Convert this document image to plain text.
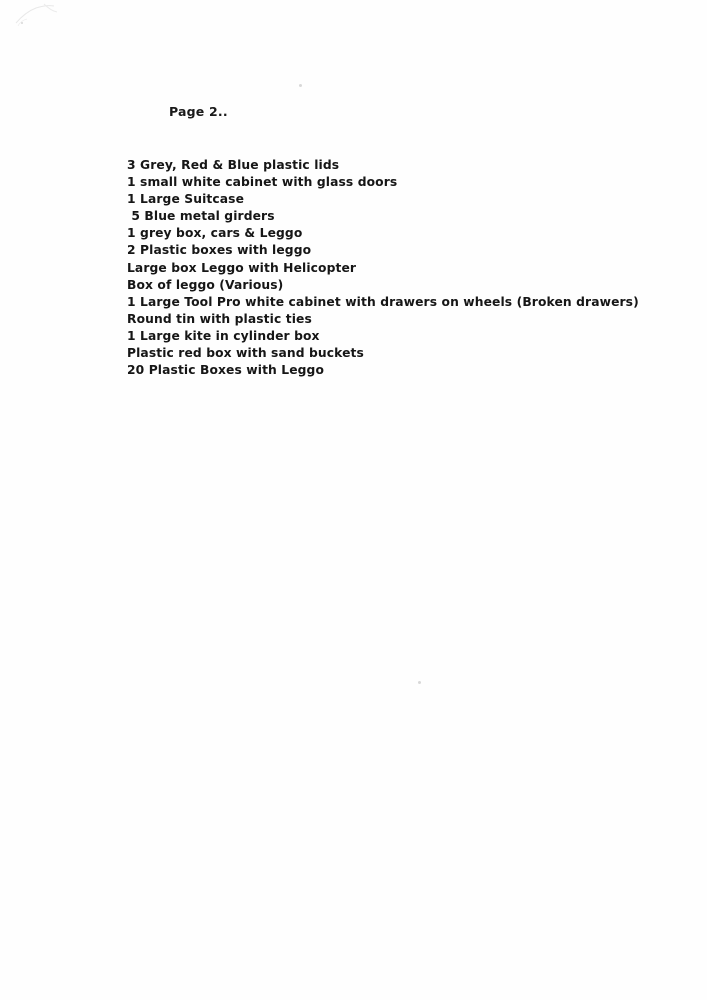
Page 2..
3 Grey, Red & Blue plastic lids
1 small white cabinet with glass doors
1 Large Suitcase
5 Blue metal girders
1 grey box, cars & Leggo
2 Plastic boxes with leggo
Large box Leggo with Helicopter
Box of leggo (Various)
1 Large Tool Pro white cabinet with drawers on wheels (Broken drawers)
Round tin with plastic ties
1 Large kite in cylinder box
Plastic red box with sand buckets
20 Plastic Boxes with Leggo
